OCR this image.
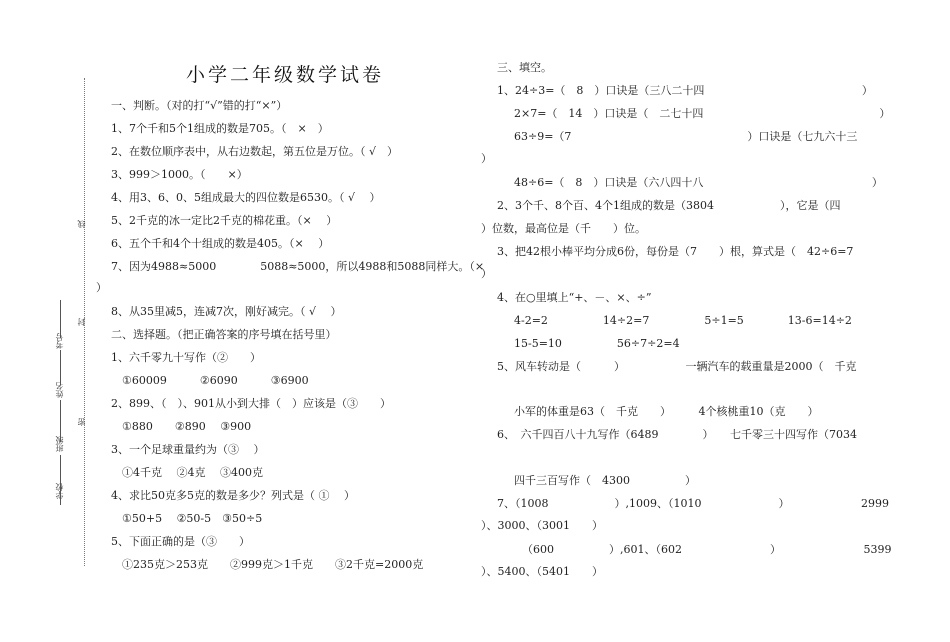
学校
班级
姓名
考号
线
封
密
小学二年级数学试卷
一、判断。（对的打“√”错的打“×”）
1、7个千和5个1组成的数是705。（　×　）
2、在数位顺序表中，从右边数起，第五位是万位。（ √　）
3、999＞1000。（　　×）
4、用3、6、0、5组成最大的四位数是6530。（ √　 ）
5、2千克的冰一定比2千克的棉花重。（×　 ）
6、五个千和4个十组成的数是405。（×　 ）
7、因为4988≈5000　　　　5088≈5000，所以4988和5088同样大。（×
）
8、从35里减5，连减7次，刚好减完。（ √　 ）
二、选择题。（把正确答案的序号填在括号里）
1、六千零九十写作（②　　）
①60009　　　②6090　　　③6900
2、899、（　）、901从小到大排（　）应该是（③　　）
①880　　②890　 ③900
3、一个足球重量约为（③　 ）
①4千克　 ②4克　 ③400克
4、求比50克多5克的数是多少？列式是（ ①　 ）
①50+5　 ②50-5　③50÷5
5、下面正确的是（③　　）
①235克＞253克　　②999克＞1千克　　③2千克=2000克
三、填空。
1、24÷3=（　8　）口诀是（三八二十四　　　　　　　　　　　　　　 ）
2×7=（　14　）口诀是（　二七十四　　　　　　　　　　　　　　　　）
63÷9=（7　　　　　　　　　　　　　　　　）口诀是（七九六十三
）
48÷6=（　8　）口诀是（六八四十八　　　　　　　　　　　　　　　 ）
2、3个千、8个百、4个1组成的数是（3804　　　　　　），它是（四
）位数，最高位是（千　　）位。
3、把42根小棒平均分成6份，每份是（7　　）根，算式是（　42÷6=7
）
4、在○里填上“+、－、×、÷”
4-2=2　　　　　14÷2=7　　　　　5÷1=5　　　　13-6=14÷2
15-5=10　　　　　56÷7÷2=4
5、风车转动是（　　　）　　　　　　一辆汽车的载重量是2000（　千克
小军的体重是63（　千克　　）　　　4个核桃重10（克　　）
6、　六千四百八十九写作（6489　　　　）　　七千零三十四写作（7034
四千三百写作（　4300　　　　　）
7、（1008　　　　　　）,1009、（1010　　　　　　　）　　　　　　　2999
）、3000、（3001　　）
（600　　　　　）,601、（602　　　　　　　　）　　　　　　　　5399
）、5400、（5401　　）
